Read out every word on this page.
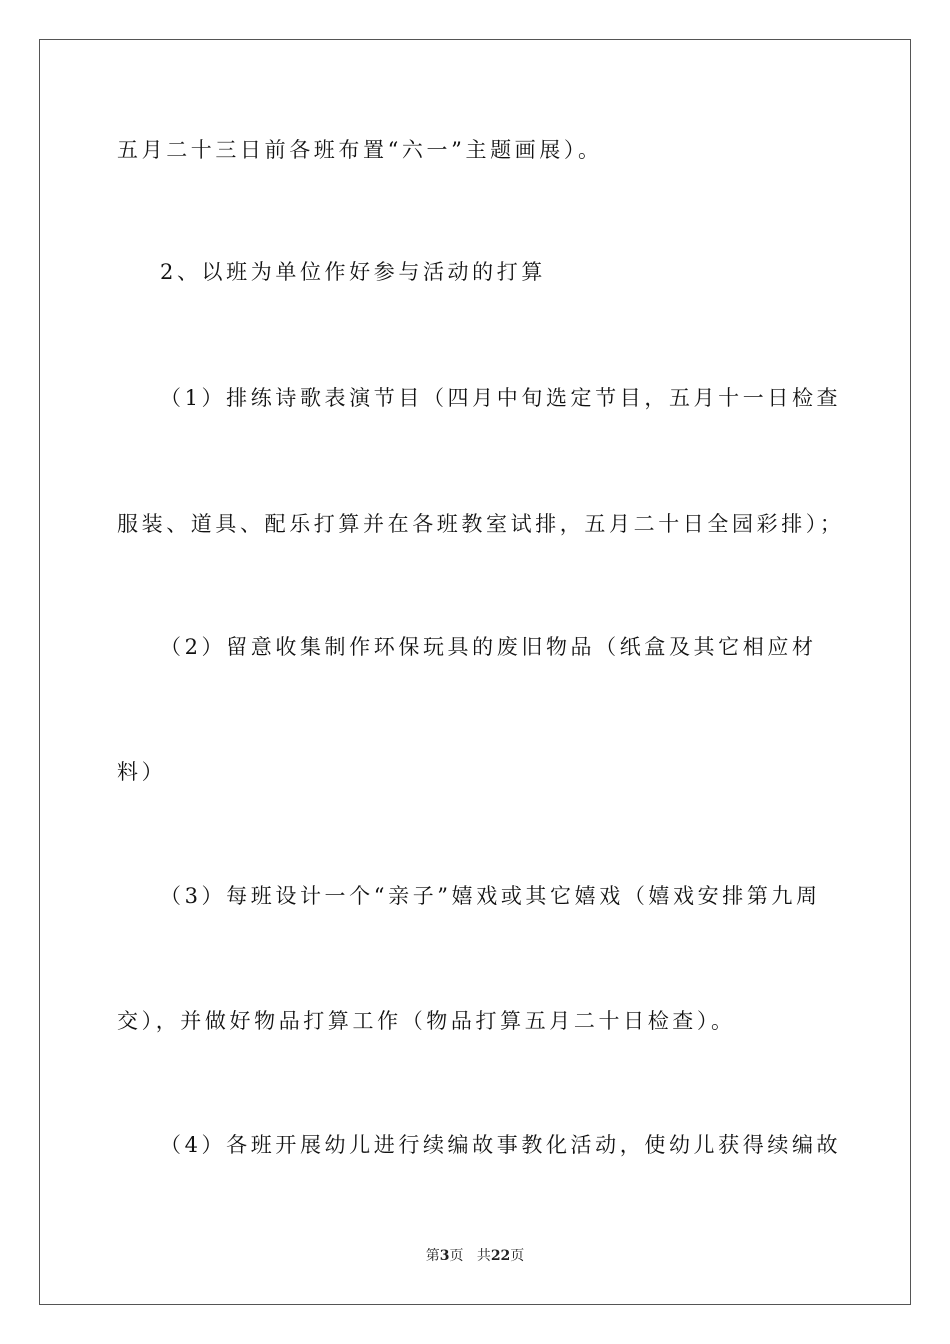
五月二十三日前各班布置“六一”主题画展）。
2、以班为单位作好参与活动的打算
（1）排练诗歌表演节目（四月中旬选定节目，五月十一日检查
服装、道具、配乐打算并在各班教室试排，五月二十日全园彩排）；
（2）留意收集制作环保玩具的废旧物品（纸盒及其它相应材
料）
（3）每班设计一个“亲子”嬉戏或其它嬉戏（嬉戏安排第九周
交），并做好物品打算工作（物品打算五月二十日检查）。
（4）各班开展幼儿进行续编故事教化活动，使幼儿获得续编故
第3页 共22页
